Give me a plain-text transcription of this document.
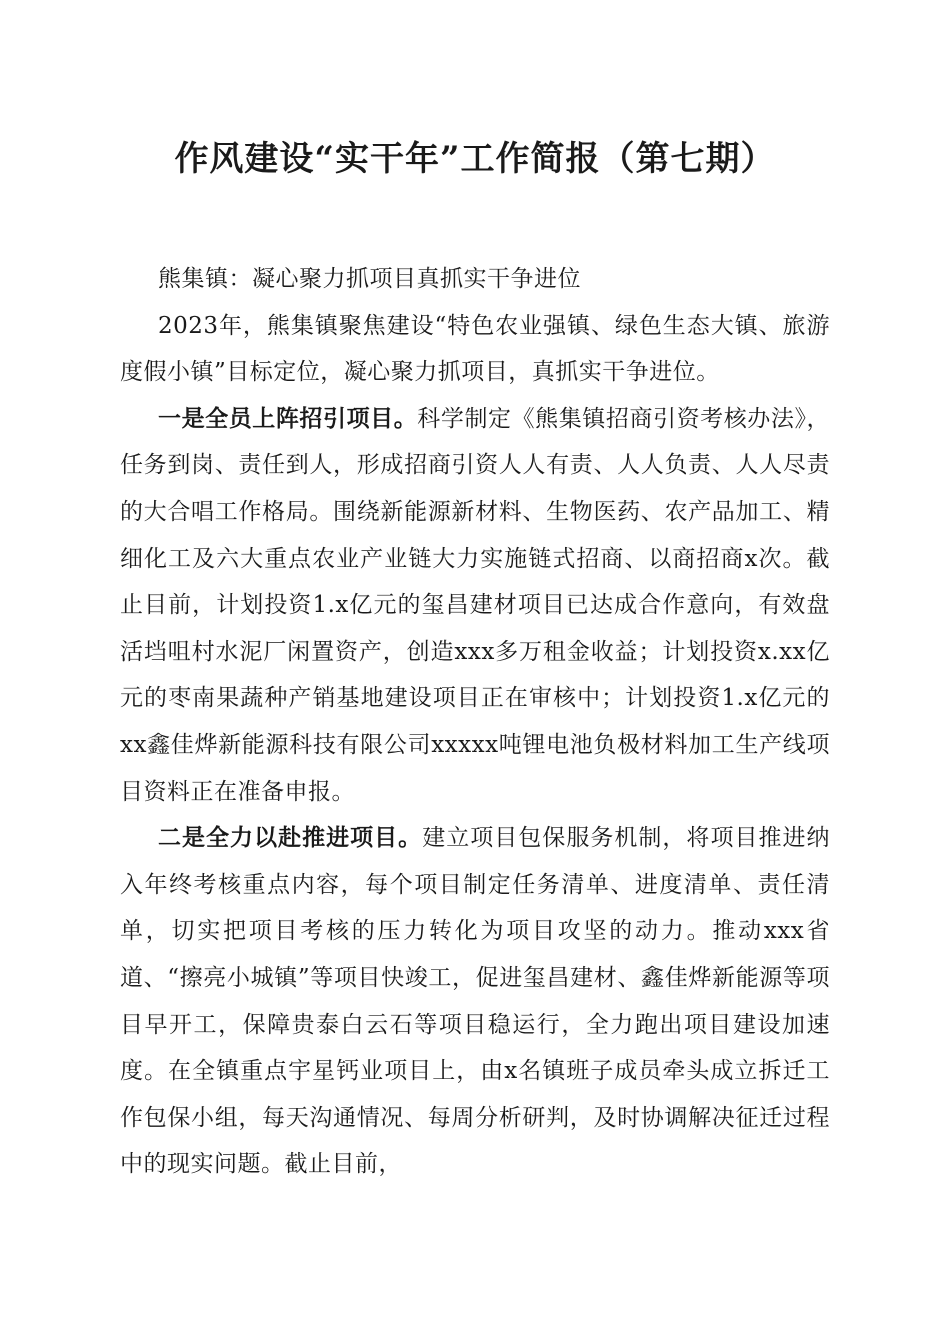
作风建设“实干年”工作简报（第七期）

熊集镇：凝心聚力抓项目真抓实干争进位

2023年，熊集镇聚焦建设“特色农业强镇、绿色生态大镇、旅游度假小镇”目标定位，凝心聚力抓项目，真抓实干争进位。

一是全员上阵招引项目。科学制定《熊集镇招商引资考核办法》，任务到岗、责任到人，形成招商引资人人有责、人人负责、人人尽责的大合唱工作格局。围绕新能源新材料、生物医药、农产品加工、精细化工及六大重点农业产业链大力实施链式招商、以商招商x次。截止目前，计划投资1.x亿元的玺昌建材项目已达成合作意向，有效盘活垱咀村水泥厂闲置资产，创造xxx多万租金收益；计划投资x.xx亿元的枣南果蔬种产销基地建设项目正在审核中；计划投资1.x亿元的xx鑫佳烨新能源科技有限公司xxxxx吨锂电池负极材料加工生产线项目资料正在准备申报。

二是全力以赴推进项目。建立项目包保服务机制，将项目推进纳入年终考核重点内容，每个项目制定任务清单、进度清单、责任清单，切实把项目考核的压力转化为项目攻坚的动力。推动xxx省道、“擦亮小城镇”等项目快竣工，促进玺昌建材、鑫佳烨新能源等项目早开工，保障贵泰白云石等项目稳运行，全力跑出项目建设加速度。在全镇重点宇星钙业项目上，由x名镇班子成员牵头成立拆迁工作包保小组，每天沟通情况、每周分析研判，及时协调解决征迁过程中的现实问题。截止目前，
